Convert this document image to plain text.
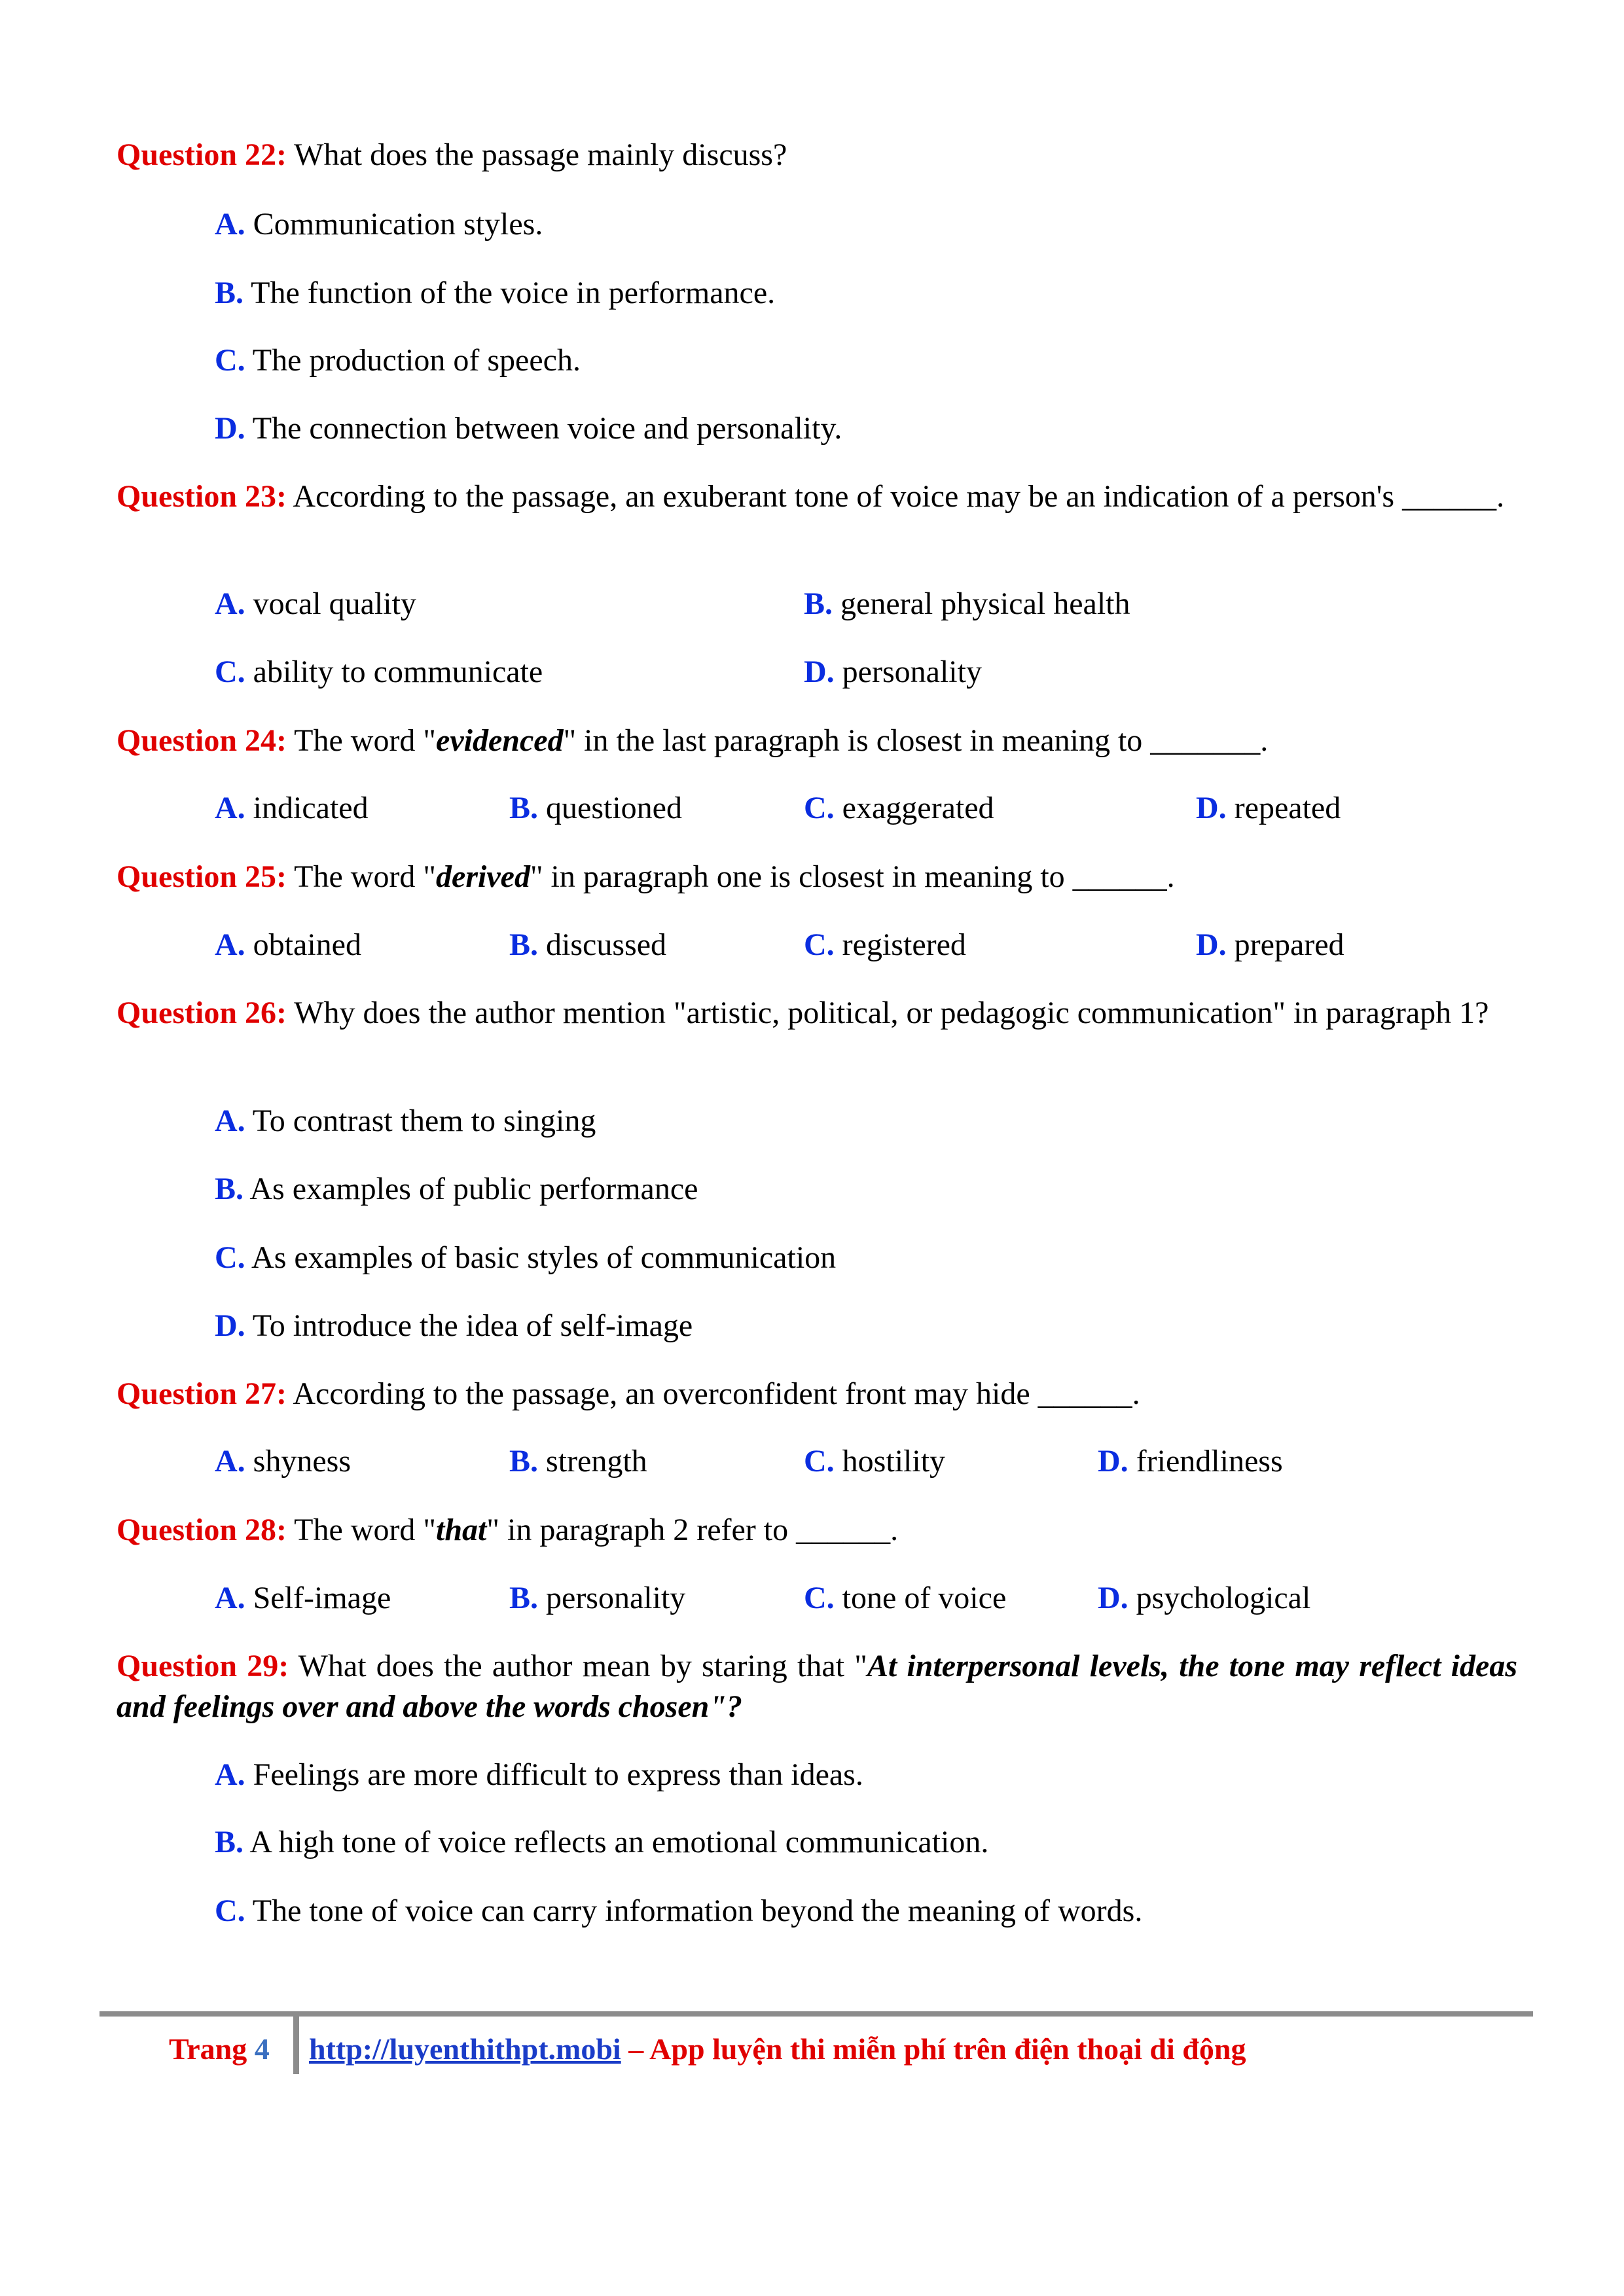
Question 22: What does the passage mainly discuss?
A. Communication styles.
B. The function of the voice in performance.
C. The production of speech.
D. The connection between voice and personality.
Question 23: According to the passage, an exuberant tone of voice may be an indication of a person's ______.
A. vocal quality	B. general physical health
C. ability to communicate	D. personality
Question 24: The word "evidenced" in the last paragraph is closest in meaning to _______.
A. indicated	B. questioned	C. exaggerated	D. repeated
Question 25: The word "derived" in paragraph one is closest in meaning to ______.
A. obtained	B. discussed	C. registered	D. prepared
Question 26: Why does the author mention "artistic, political, or pedagogic communication" in paragraph 1?
A. To contrast them to singing
B. As examples of public performance
C. As examples of basic styles of communication
D. To introduce the idea of self-image
Question 27: According to the passage, an overconfident front may hide ______.
A. shyness	B. strength	C. hostility	D. friendliness
Question 28: The word "that" in paragraph 2 refer to ______.
A. Self-image	B. personality	C. tone of voice	D. psychological
Question 29: What does the author mean by staring that "At interpersonal levels, the tone may reflect ideas and feelings over and above the words chosen"?
A. Feelings are more difficult to express than ideas.
B. A high tone of voice reflects an emotional communication.
C. The tone of voice can carry information beyond the meaning of words.
Trang 4 http://luyenthithpt.mobi – App luyện thi miễn phí trên điện thoại di động
